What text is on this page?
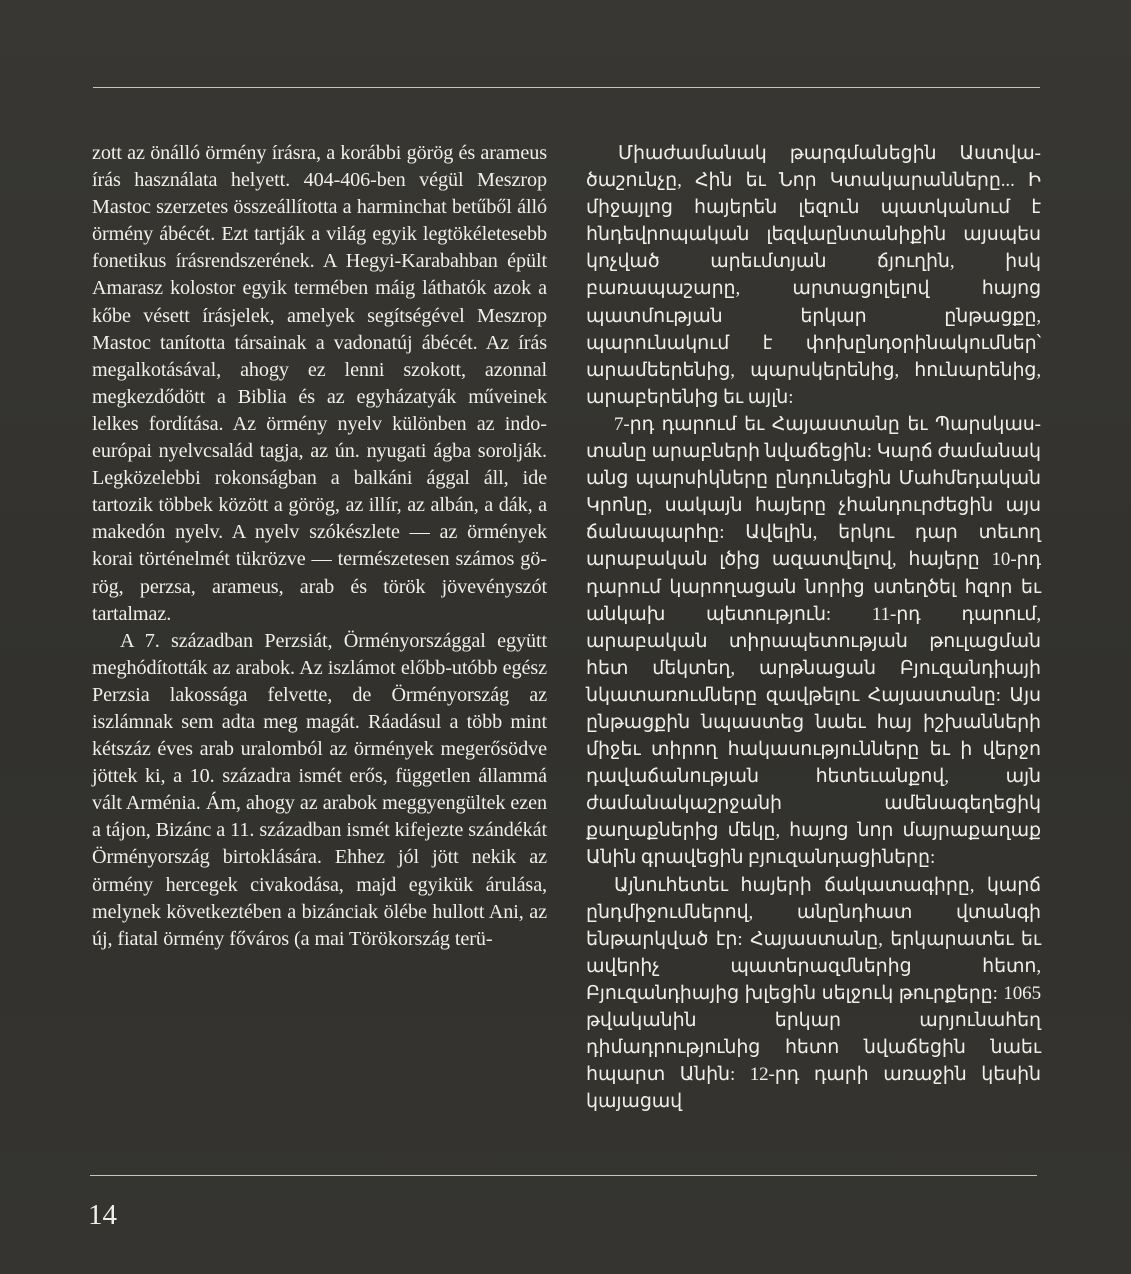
zott az önálló örmény írásra, a korábbi görög és arameus írás használata helyett. 404-406-ben végül Meszrop Mastoc szerzetes összeállította a harminchat betűből álló örmény ábécét. Ezt tartják a világ egyik legtökéletesebb fonetikus írásrendszerének. A Hegyi-Karabahban épült Amarasz kolostor egyik termében máig láthatók azok a kőbe vésett írásjelek, amelyek segítségével Meszrop Mastoc tanította társainak a vadonatúj ábécét. Az írás megalkotásával, ahogy ez lenni szokott, azonnal megkezdődött a Biblia és az egyházatyák műveinek lelkes fordítása. Az örmény nyelv különben az indoeurópai nyelvcsalád tagja, az ún. nyugati ágba sorolják. Legközelebbi rokonságban a balkáni ággal áll, ide tartozik többek között a görög, az illír, az albán, a dák, a makedón nyelv. A nyelv szókészlete — az örmények korai történelmét tükrözve — természetesen számos görög, perzsa, arameus, arab és török jövevényszót tartalmaz.

A 7. században Perzsiát, Örményországgal együtt meghódították az arabok. Az iszlámot előbb-utóbb egész Perzsia lakossága felvette, de Örményország az iszlámnak sem adta meg magát. Ráadásul a több mint kétszáz éves arab uralomból az örmények megerősödve jöttek ki, a 10. századra ismét erős, független állammá vált Arménia. Ám, ahogy az arabok meggyengültek ezen a tájon, Bizánc a 11. században ismét kifejezte szándékát Örményország birtoklására. Ehhez jól jött nekik az örmény hercegek civakodása, majd egyikük árulása, melynek következtében a bizánciak ölébe hullott Ani, az új, fiatal örmény főváros (a mai Törökország terü-

Միաժամանակ թարգմանեցին Աստվածաշունչը, Հին եւ Նոր Կտակարանները... Ի միջայլոց հայերեն լեզուն պատկանում է հնդեվրոպական լեզվաընտանիքին այսպես կոչված արեւմտյան ճյուղին, իսկ բառապաշարը, արտացոլելով հայոց պատմության երկար ընթացքը, պարունակում է փոխընդօրինակումներ՝ արամեերենից, պարսկերենից, հունարենից, արաբերենից եւ այլն:

7-րդ դարում եւ Հայաստանը եւ Պարսկաստանը արաբների նվաճեցին: Կարճ ժամանակ անց պարսիկները ընդունեցին Մահմեդական Կրոնը, սակայն հայերը չհանդուրժեցին այս ճանապարհը: Ավելին, երկու դար տեւող արաբական լծից ազատվելով, հայերը 10-րդ դարում կարողացան նորից ստեղծել հզոր եւ անկախ պետություն: 11-րդ դարում, արաբական տիրապետության թուլացման հետ մեկտեղ, արթնացան Բյուզանդիայի նկատառումները զավթելու Հայաստանը: Այս ընթացքին նպաստեց նաեւ հայ իշխանների միջեւ տիրող հակասությունները եւ ի վերջո դավաճանության հետեւանքով, այն ժամանակաշրջանի ամենագեղեցիկ քաղաքներից մեկը, հայոց նոր մայրաքաղաք Անին գրավեցին բյուզանդացիները:

Այնուհետեւ հայերի ճակատագիրը, կարճ ընդմիջումներով, անընդհատ վտանգի ենթարկված էր: Հայաստանը, երկարատեւ եւ ավերիչ պատերազմներից հետո, Բյուզանդիայից խլեցին սելջուկ թուրքերը: 1065 թվականին երկար արյունահեղ դիմադրությունից հետո նվաճեցին նաեւ հպարտ Անին: 12-րդ դարի առաջին կեսին կայացավ

14
